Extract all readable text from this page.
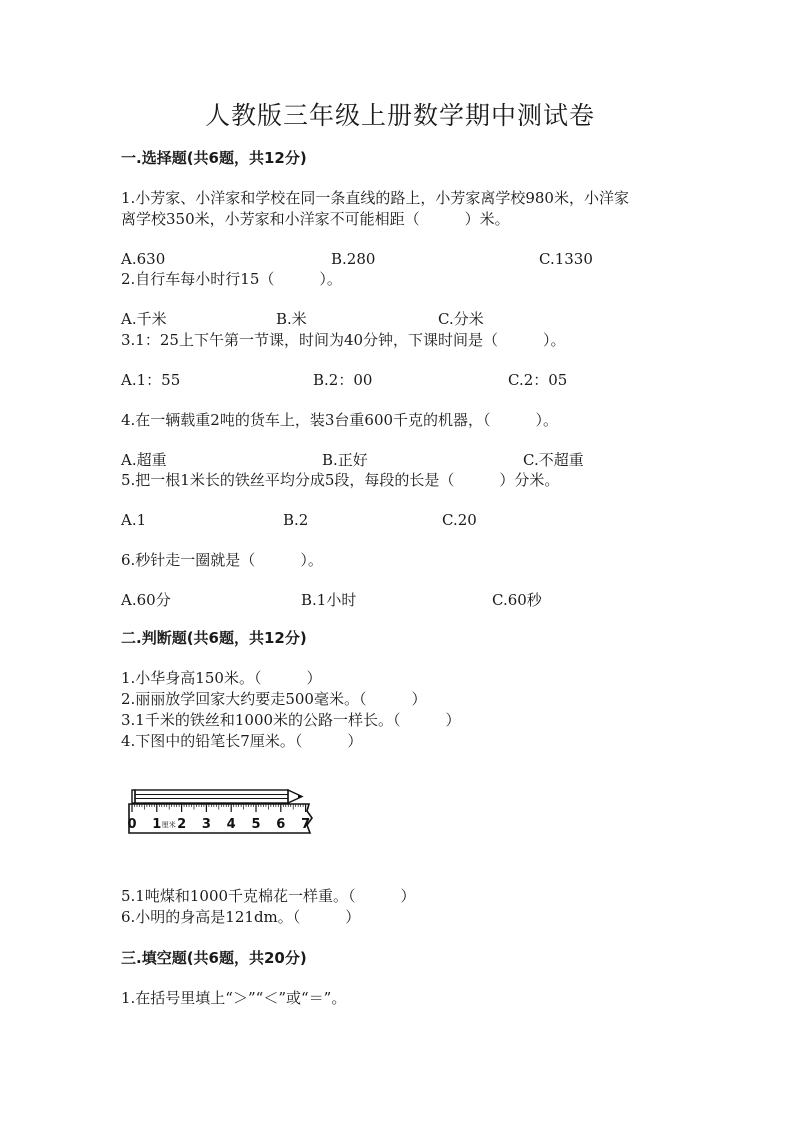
人教版三年级上册数学期中测试卷
一.选择题(共6题，共12分)
1.小芳家、小洋家和学校在同一条直线的路上，小芳家离学校980米，小洋家
离学校350米，小芳家和小洋家不可能相距（　　　）米。
A.630	B.280	C.1330
2.自行车每小时行15（　　　）。
A.千米	B.米	C.分米
3.1：25上下午第一节课，时间为40分钟，下课时间是（　　　）。
A.1：55	B.2：00	C.2：05
4.在一辆载重2吨的货车上，装3台重600千克的机器，（　　　）。
A.超重	B.正好	C.不超重
5.把一根1米长的铁丝平均分成5段，每段的长是（　　　）分米。
A.1	B.2	C.20
6.秒针走一圈就是（　　　）。
A.60分	B.1小时	C.60秒
二.判断题(共6题，共12分)
1.小华身高150米。（　　　）
2.丽丽放学回家大约要走500毫米。（　　　）
3.1千米的铁丝和1000米的公路一样长。（　　　）
4.下图中的铅笔长7厘米。（　　　）
0 1 2 3 4 5 6 7
厘米
5.1吨煤和1000千克棉花一样重。（　　　）
6.小明的身高是121dm。（　　　）
三.填空题(共6题，共20分)
1.在括号里填上“＞”“＜”或“＝”。
